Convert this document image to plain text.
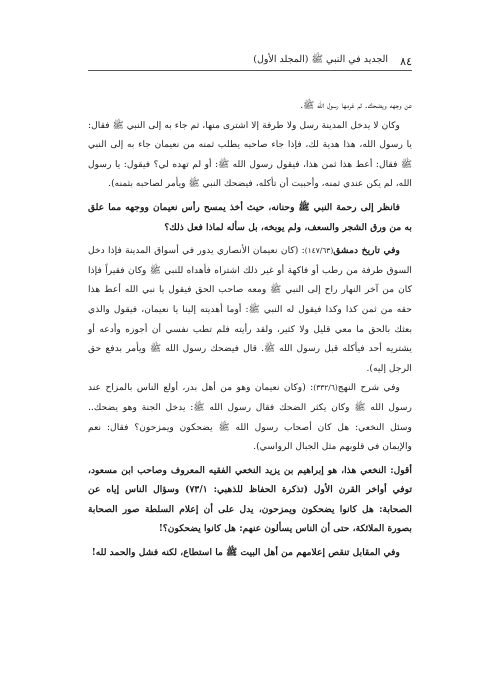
الجديد في النبي ﷺ (المجلد الأول) ٨٤

عن وجهه ويضحك. ثم غرمها رسول الله ﷺ.

وكان لا يدخل المدينة رسل ولا طرفة إلا اشترى منها، ثم جاء به إلى النبي ﷺ فقال: يا رسول الله، هذا هدية لك، فإذا جاء صاحبه يطلب ثمنه من نعيمان جاء به إلى النبي ﷺ فقال: أعط هذا ثمن هذا، فيقول رسول الله ﷺ: أو لم تهده لي؟ فيقول: يا رسول الله، لم يكن عندي ثمنه، وأحببت أن تأكله، فيضحك النبي ﷺ ويأمر لصاحبه بثمنه).

فانظر إلى رحمة النبي ﷺ وحنانه، حيث أخذ يمسح رأس نعيمان ووجهه مما علق به من ورق الشجر والسعف، ولم يوبخه، بل سأله لماذا فعل ذلك؟

وفي تاريخ دمشق(١٤٧/٦٣): (كان نعيمان الأنصاري يدور في أسواق المدينة فإذا دخل السوق طرفة من رطب أو فاكهة أو غير ذلك اشتراه فأهداه للنبي ﷺ وكان فقيراً فإذا كان من آخر النهار راح إلى النبي ﷺ ومعه صاحب الحق فيقول يا نبي الله أعط هذا حقه من ثمن كذا وكذا فيقول له النبي ﷺ: أوما أهديته إلينا يا نعيمان، فيقول والذي بعثك بالحق ما معي قليل ولا كثير، ولقد رأيته فلم تطب نفسي أن أجوزه وأدعه أو يشتريه أحد فيأكله قبل رسول الله ﷺ. قال فيضحك رسول الله ﷺ ويأمر بدفع حق الرجل إليه).

وفي شرح النهج(٣٣٢/٦): (وكان نعيمان وهو من أهل بدر، أولع الناس بالمزاح عند رسول الله ﷺ وكان يكثر الضحك فقال رسول الله ﷺ: يدخل الجنة وهو يضحك.. وسئل النخعي: هل كان أصحاب رسول الله ﷺ يضحكون ويمزحون؟ فقال: نعم والإيمان في قلوبهم مثل الجبال الرواسي).

أقول: النخعي هذا، هو إبراهيم بن يزيد النخعي الفقيه المعروف وصاحب ابن مسعود، توفي أواخر القرن الأول (تذكرة الحفاظ للذهبي: ٧٣/١) وسؤال الناس إياه عن الصحابة: هل كانوا يضحكون ويمزحون، يدل على أن إعلام السلطة صور الصحابة بصورة الملائكة، حتى أن الناس يسألون عنهم: هل كانوا يضحكون؟!

وفي المقابل تنقص إعلامهم من أهل البيت ﷺ ما استطاع، لكنه فشل والحمد لله!
